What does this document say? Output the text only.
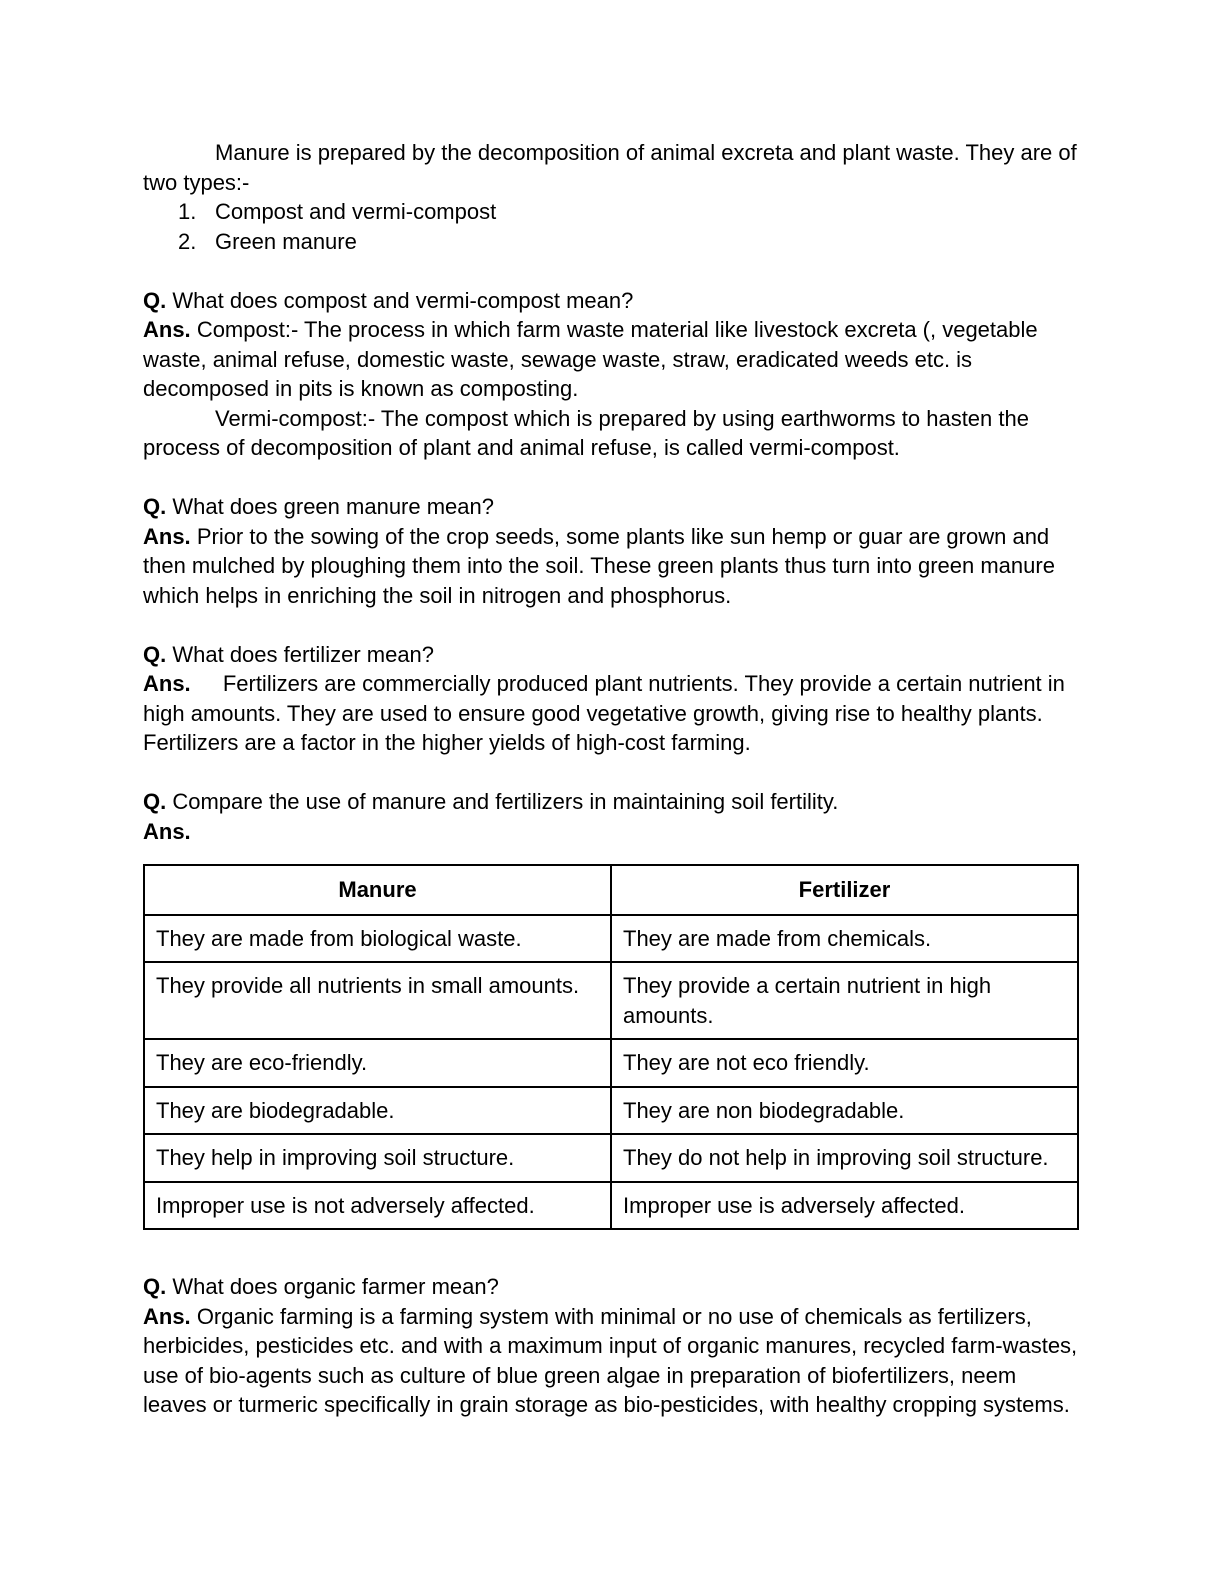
Manure is prepared by the decomposition of animal excreta and plant waste. They are of two types:-

1. Compost and vermi-compost
2. Green manure

Q. What does compost and vermi-compost mean?

Ans. Compost:- The process in which farm waste material like livestock excreta (, vegetable waste, animal refuse, domestic waste, sewage waste, straw, eradicated weeds etc. is decomposed in pits is known as composting.

Vermi-compost:- The compost which is prepared by using earthworms to hasten the process of decomposition of plant and animal refuse, is called vermi-compost.

Q. What does green manure mean?

Ans. Prior to the sowing of the crop seeds, some plants like sun hemp or guar are grown and then mulched by ploughing them into the soil. These green plants thus turn into green manure which helps in enriching the soil in nitrogen and phosphorus.

Q. What does fertilizer mean?

Ans. Fertilizers are commercially produced plant nutrients. They provide a certain nutrient in high amounts. They are used to ensure good vegetative growth, giving rise to healthy plants. Fertilizers are a factor in the higher yields of high-cost farming.

Q. Compare the use of manure and fertilizers in maintaining soil fertility.

Ans.

Manure	Fertilizer
They are made from biological waste.	They are made from chemicals.
They provide all nutrients in small amounts.	They provide a certain nutrient in high amounts.
They are eco-friendly.	They are not eco friendly.
They are biodegradable.	They are non biodegradable.
They help in improving soil structure.	They do not help in improving soil structure.
Improper use is not adversely affected.	Improper use is adversely affected.

Q. What does organic farmer mean?

Ans. Organic farming is a farming system with minimal or no use of chemicals as fertilizers, herbicides, pesticides etc. and with a maximum input of organic manures, recycled farm-wastes, use of bio-agents such as culture of blue green algae in preparation of biofertilizers, neem leaves or turmeric specifically in grain storage as bio-pesticides, with healthy cropping systems.
